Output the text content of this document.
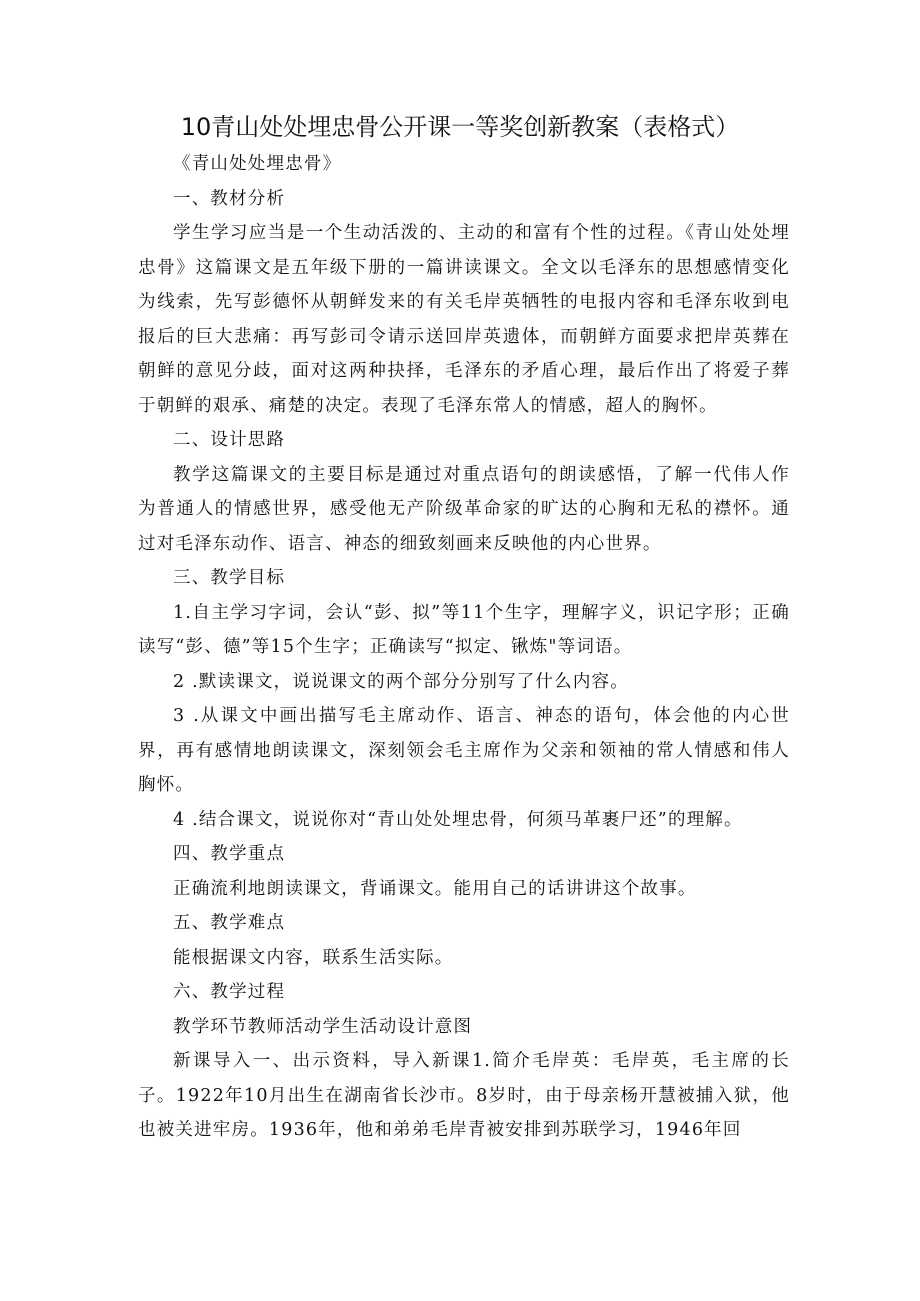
10青山处处埋忠骨公开课一等奖创新教案（表格式）

《青山处处埋忠骨》

一、教材分析

学生学习应当是一个生动活泼的、主动的和富有个性的过程。《青山处处埋忠骨》这篇课文是五年级下册的一篇讲读课文。全文以毛泽东的思想感情变化为线索，先写彭德怀从朝鲜发来的有关毛岸英牺牲的电报内容和毛泽东收到电报后的巨大悲痛：再写彭司令请示送回岸英遗体，而朝鲜方面要求把岸英葬在朝鲜的意见分歧，面对这两种抉择，毛泽东的矛盾心理，最后作出了将爱子葬于朝鲜的艰承、痛楚的决定。表现了毛泽东常人的情感，超人的胸怀。

二、设计思路

教学这篇课文的主要目标是通过对重点语句的朗读感悟，了解一代伟人作为普通人的情感世界，感受他无产阶级革命家的旷达的心胸和无私的襟怀。通过对毛泽东动作、语言、神态的细致刻画来反映他的内心世界。

三、教学目标

1.自主学习字词，会认“彭、拟”等11个生字，理解字义，识记字形；正确读写“彭、德”等15个生字；正确读写“拟定、锹炼"等词语。

2 .默读课文，说说课文的两个部分分别写了什么内容。

3 .从课文中画出描写毛主席动作、语言、神态的语句，体会他的内心世界，再有感情地朗读课文，深刻领会毛主席作为父亲和领袖的常人情感和伟人胸怀。

4 .结合课文，说说你对“青山处处埋忠骨，何须马革裹尸还”的理解。

四、教学重点

正确流利地朗读课文，背诵课文。能用自己的话讲讲这个故事。

五、教学难点

能根据课文内容，联系生活实际。

六、教学过程

教学环节教师活动学生活动设计意图

新课导入一、出示资料，导入新课1.简介毛岸英：毛岸英，毛主席的长子。1922年10月出生在湖南省长沙市。8岁时，由于母亲杨开慧被捕入狱，他也被关进牢房。1936年，他和弟弟毛岸青被安排到苏联学习，1946年回
